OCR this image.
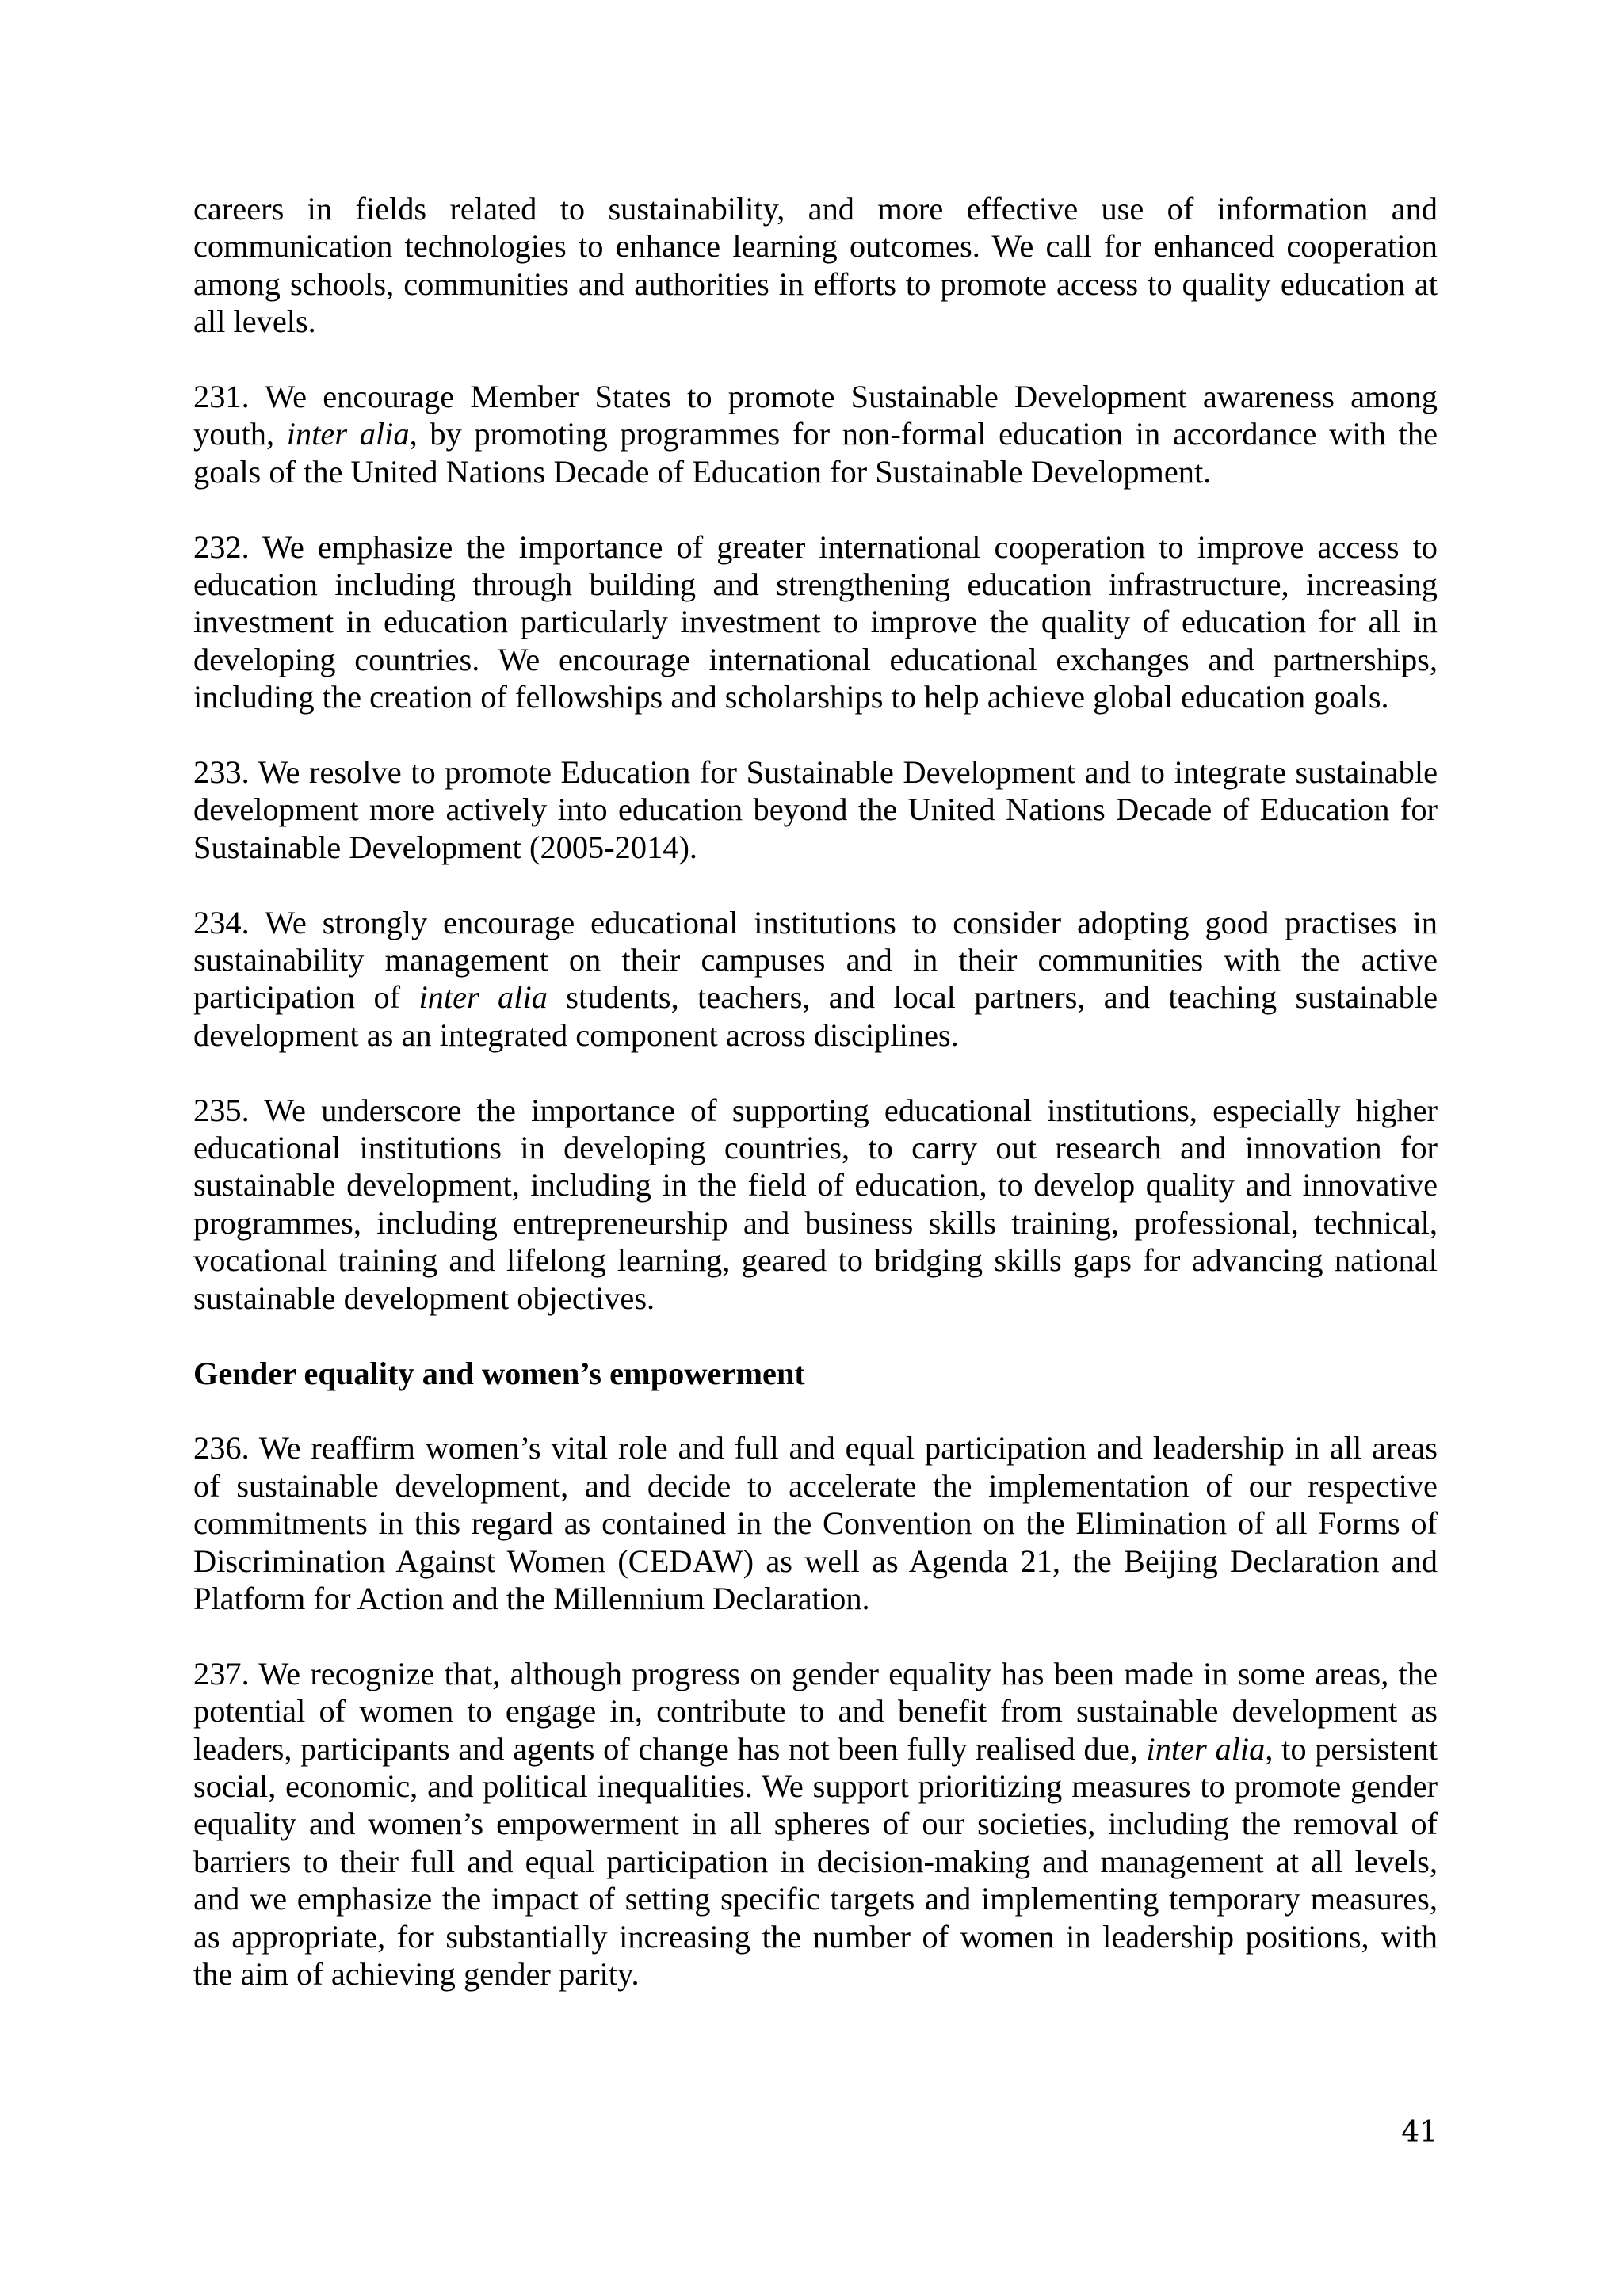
careers in fields related to sustainability, and more effective use of information and communication technologies to enhance learning outcomes. We call for enhanced cooperation among schools, communities and authorities in efforts to promote access to quality education at all levels.

231. We encourage Member States to promote Sustainable Development awareness among youth, inter alia, by promoting programmes for non-formal education in accordance with the goals of the United Nations Decade of Education for Sustainable Development.

232. We emphasize the importance of greater international cooperation to improve access to education including through building and strengthening education infrastructure, increasing investment in education particularly investment to improve the quality of education for all in developing countries. We encourage international educational exchanges and partnerships, including the creation of fellowships and scholarships to help achieve global education goals.

233. We resolve to promote Education for Sustainable Development and to integrate sustainable development more actively into education beyond the United Nations Decade of Education for Sustainable Development (2005-2014).

234. We strongly encourage educational institutions to consider adopting good practises in sustainability management on their campuses and in their communities with the active participation of inter alia students, teachers, and local partners, and teaching sustainable development as an integrated component across disciplines.

235. We underscore the importance of supporting educational institutions, especially higher educational institutions in developing countries, to carry out research and innovation for sustainable development, including in the field of education, to develop quality and innovative programmes, including entrepreneurship and business skills training, professional, technical, vocational training and lifelong learning, geared to bridging skills gaps for advancing national sustainable development objectives.

Gender equality and women’s empowerment

236. We reaffirm women’s vital role and full and equal participation and leadership in all areas of sustainable development, and decide to accelerate the implementation of our respective commitments in this regard as contained in the Convention on the Elimination of all Forms of Discrimination Against Women (CEDAW) as well as Agenda 21, the Beijing Declaration and Platform for Action and the Millennium Declaration.

237. We recognize that, although progress on gender equality has been made in some areas, the potential of women to engage in, contribute to and benefit from sustainable development as leaders, participants and agents of change has not been fully realised due, inter alia, to persistent social, economic, and political inequalities. We support prioritizing measures to promote gender equality and women’s empowerment in all spheres of our societies, including the removal of barriers to their full and equal participation in decision-making and management at all levels, and we emphasize the impact of setting specific targets and implementing temporary measures, as appropriate, for substantially increasing the number of women in leadership positions, with the aim of achieving gender parity.

41
